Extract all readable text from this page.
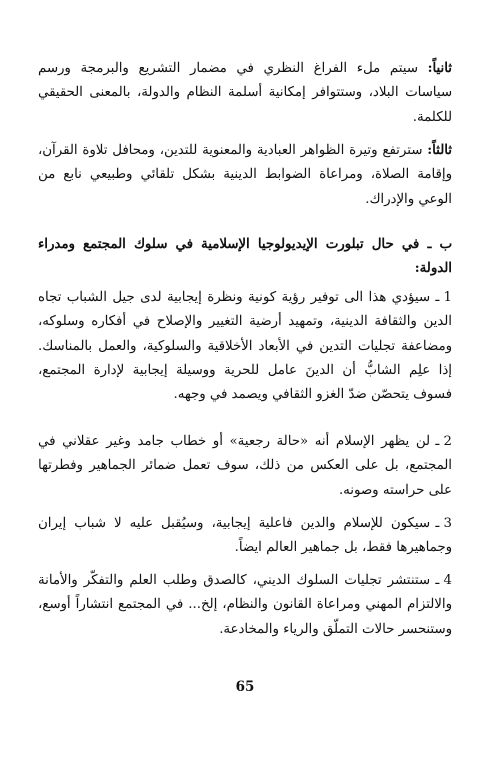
ثانياً: سيتم ملء الفراغ النظري في مضمار التشريع والبرمجة ورسم سياسات البلاد، وستتوافر إمكانية أسلمة النظام والدولة، بالمعنى الحقيقي للكلمة.
ثالثاً: سترتفع وتيرة الظواهر العبادية والمعنوية للتدين، ومحافل تلاوة القرآن، وإقامة الصلاة، ومراعاة الضوابط الدينية بشكل تلقائي وطبيعي نابع من الوعي والإدراك.
ب ـ في حال تبلورت الإيديولوجيا الإسلامية في سلوك المجتمع ومدراء الدولة:
1 ـ
سيؤدي هذا الى توفير رؤية كونية ونظرة إيجابية لدى جيل الشباب تجاه الدين والثقافة الدينية، وتمهيد أرضية التغيير والإصلاح في أفكاره وسلوكه، ومضاعفة تجليات التدين في الأبعاد الأخلاقية والسلوكية، والعمل بالمناسك. إذا علِم الشابُّ أن الدينَ عامل للحرية ووسيلة إيجابية لإدارة المجتمع، فسوف يتحصّن ضدّ الغزو الثقافي ويصمد في وجهه.
2 ـ
لن يظهر الإسلام أنه «حالة رجعية» أو خطاب جامد وغير عقلاني في المجتمع، بل على العكس من ذلك، سوف تعمل ضمائر الجماهير وفطرتها على حراسته وصونه.
3 ـ
سيكون للإسلام والدين فاعلية إيجابية، وسيُقبل عليه لا شباب إيران وجماهيرها فقط، بل جماهير العالم ايضاً.
4 ـ
ستنتشر تجليات السلوك الديني، كالصدق وطلب العلم والتفكّر والأمانة والالتزام المهني ومراعاة القانون والنظام، إلخ... في المجتمع انتشاراً أوسع، وستنحسر حالات التملّق والرياء والمخادعة.
65
